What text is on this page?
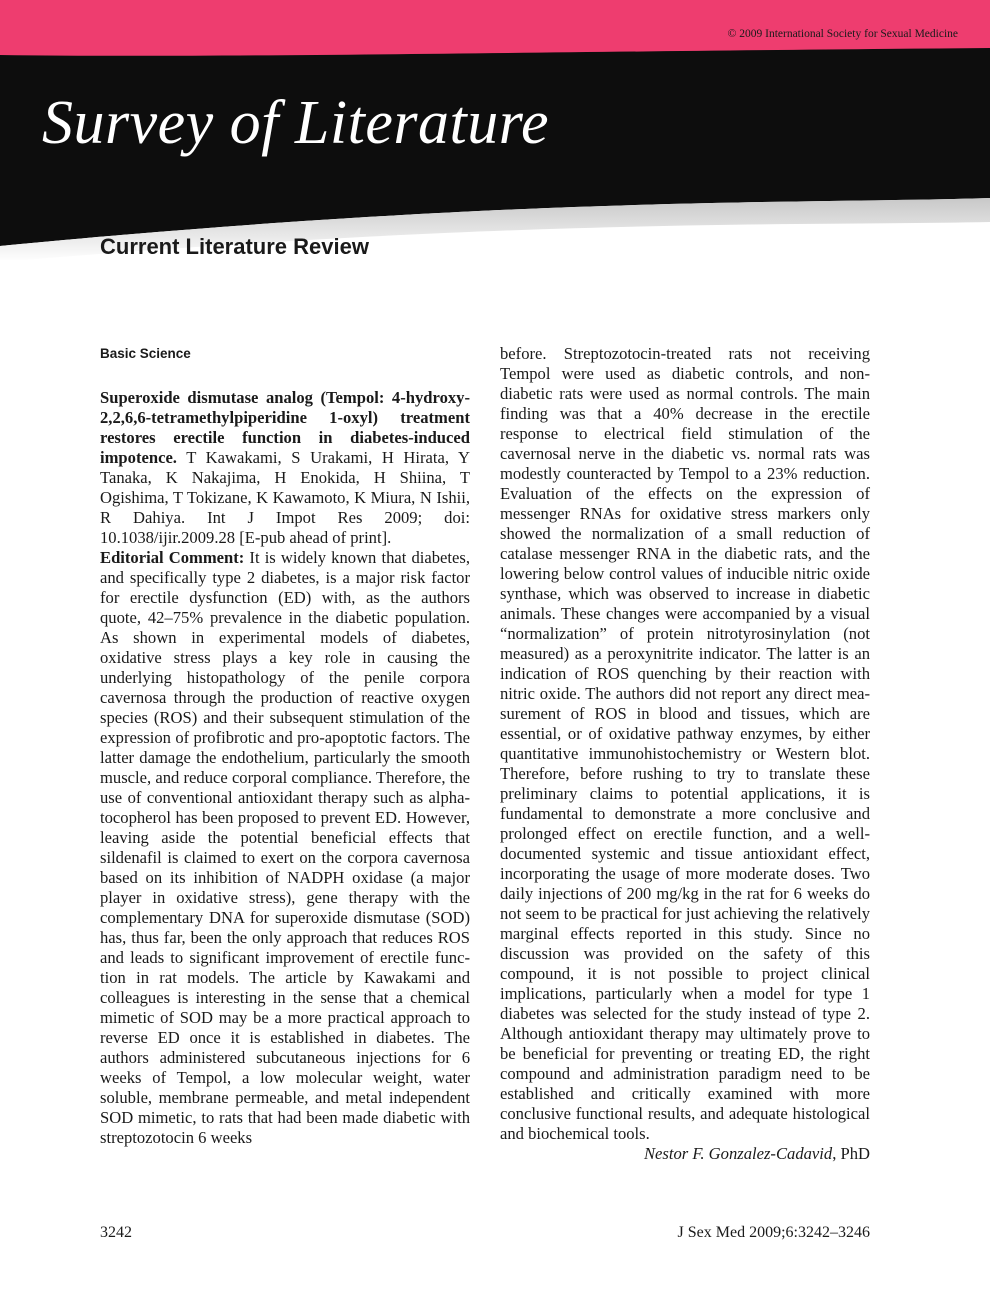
© 2009 International Society for Sexual Medicine
Survey of Literature
Current Literature Review

Basic Science

Superoxide dismutase analog (Tempol: 4-hydroxy-2,2,6,6-tetramethylpiperidine 1-oxyl) treatment restores erectile function in diabetes-induced impotence. T Kawakami, S Urakami, H Hirata, Y Tanaka, K Nakajima, H Enokida, H Shiina, T Ogishima, T Tokizane, K Kawamoto, K Miura, N Ishii, R Dahiya. Int J Impot Res 2009; doi: 10.1038/ijir.2009.28 [E-pub ahead of print].

Editorial Comment: It is widely known that diabetes, and specifically type 2 diabetes, is a major risk factor for erectile dysfunction (ED) with, as the authors quote, 42–75% prevalence in the diabetic population. As shown in experimental models of diabetes, oxidative stress plays a key role in causing the underlying histopathology of the penile corpora cavernosa through the production of reactive oxygen species (ROS) and their subsequent stimulation of the expression of profibrotic and pro-apoptotic factors. The latter damage the endothelium, particularly the smooth muscle, and reduce corporal compliance. Therefore, the use of conventional antioxidant therapy such as alpha-tocopherol has been proposed to prevent ED. However, leaving aside the potential beneficial effects that sildenafil is claimed to exert on the corpora cavernosa based on its inhibition of NADPH oxidase (a major player in oxidative stress), gene therapy with the complementary DNA for superoxide dismutase (SOD) has, thus far, been the only approach that reduces ROS and leads to significant improvement of erectile function in rat models. The article by Kawakami and colleagues is interesting in the sense that a chemical mimetic of SOD may be a more practical approach to reverse ED once it is established in diabetes. The authors administered subcutaneous injections for 6 weeks of Tempol, a low molecular weight, water soluble, membrane permeable, and metal independent SOD mimetic, to rats that had been made diabetic with streptozotocin 6 weeks

before. Streptozotocin-treated rats not receiving Tempol were used as diabetic controls, and non-diabetic rats were used as normal controls. The main finding was that a 40% decrease in the erectile response to electrical field stimulation of the cavernosal nerve in the diabetic vs. normal rats was modestly counteracted by Tempol to a 23% reduction. Evaluation of the effects on the expression of messenger RNAs for oxidative stress markers only showed the normalization of a small reduction of catalase messenger RNA in the diabetic rats, and the lowering below control values of inducible nitric oxide synthase, which was observed to increase in diabetic animals. These changes were accompanied by a visual “normalization” of protein nitrotyrosinylation (not measured) as a peroxynitrite indicator. The latter is an indication of ROS quenching by their reaction with nitric oxide. The authors did not report any direct measurement of ROS in blood and tissues, which are essential, or of oxidative pathway enzymes, by either quantitative immunohistochemistry or Western blot. Therefore, before rushing to try to translate these preliminary claims to potential applications, it is fundamental to demonstrate a more conclusive and prolonged effect on erectile function, and a well-documented systemic and tissue antioxidant effect, incorporating the usage of more moderate doses. Two daily injections of 200 mg/kg in the rat for 6 weeks do not seem to be practical for just achieving the relatively marginal effects reported in this study. Since no discussion was provided on the safety of this compound, it is not possible to project clinical implications, particularly when a model for type 1 diabetes was selected for the study instead of type 2. Although antioxidant therapy may ultimately prove to be beneficial for preventing or treating ED, the right compound and administration paradigm need to be established and critically examined with more conclusive functional results, and adequate histological and biochemical tools.

Nestor F. Gonzalez-Cadavid, PhD

3242	J Sex Med 2009;6:3242–3246
